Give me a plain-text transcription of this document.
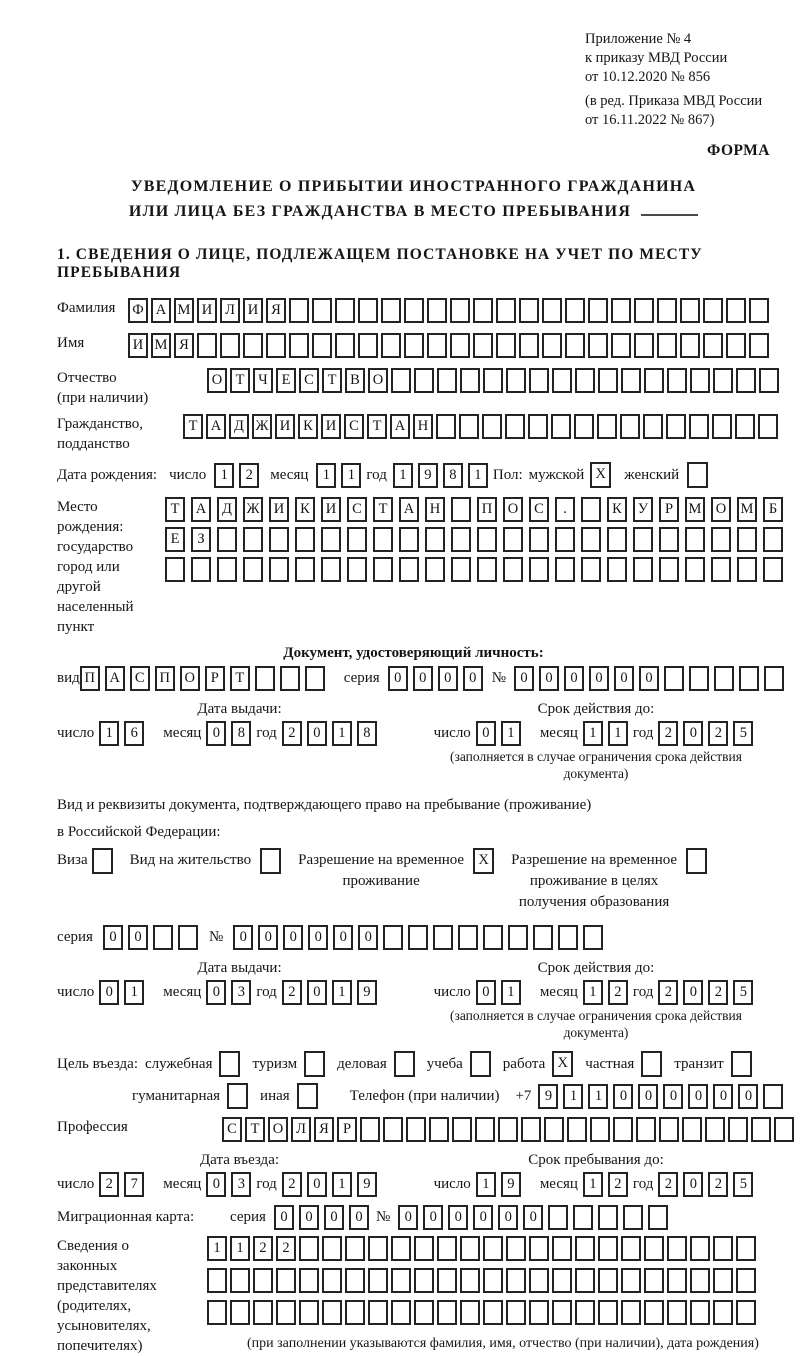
Приложение № 4
к приказу МВД России
от 10.12.2020 № 856
(в ред. Приказа МВД России
от 16.11.2022 № 867)
ФОРМА
УВЕДОМЛЕНИЕ О ПРИБЫТИИ ИНОСТРАННОГО ГРАЖДАНИНА
ИЛИ ЛИЦА БЕЗ ГРАЖДАНСТВА В МЕСТО ПРЕБЫВАНИЯ
1. СВЕДЕНИЯ О ЛИЦЕ, ПОДЛЕЖАЩЕМ ПОСТАНОВКЕ НА УЧЕТ ПО МЕСТУ ПРЕБЫВАНИЯ
Фамилия	Ф А М И Л И Я
Имя	И М Я
Отчество
(при наличии)
О Т Ч Е С Т В О
Гражданство,
подданство
Т А Д Ж И К И С Т А Н
Дата рождения: число 1	2	месяц 1	1 год 1	9	8	1 Пол: мужской X	женский
Место рождения:
государство
город или другой
населенный пункт
Т	А	Д	Ж И	К	И	С	Т	А	Н	П	О	С	.	К	У	Р	М О М	Б
Е	З
Документ, удостоверяющий личность:
вид П	А	С	П	О	Р	Т	серия 0	0	0	0	№ 0	0	0	0	0	0
Дата выдачи:
число 1	6	месяц 0	8 год 2	0	1	8
Срок действия до:
число 0	1	месяц 1	1 год 2	0	2	5
(заполняется в случае ограничения срока действия документа)
Вид и реквизиты документа, подтверждающего право на пребывание (проживание)
в Российской Федерации:
Виза	Вид на жительство	Разрешение на временное
проживание
X	Разрешение на временное
проживание в целях
получения образования
серия	0	0	№	0	0	0	0	0	0
Дата выдачи:
число 0	1	месяц 0	3 год 2	0	1	9
Срок действия до:
число 0	1	месяц 1	2 год 2	0	2	5
(заполняется в случае ограничения срока действия документа)
Цель въезда: служебная	туризм	деловая	учеба	работа X	частная	транзит
гуманитарная	иная	Телефон (при наличии) +7 9	1	1	0	0	0	0	0	0
Профессия	С Т О Л Я Р
Дата въезда:
число 2	7	месяц 0	3 год 2	0	1	9
Срок пребывания до:
число 1	9	месяц 1	2 год 2	0	2	5
Миграционная карта:	серия 0	0	0	0 № 0	0	0	0	0	0
Сведения о
законных
представителях
(родителях,
усыновителях,
попечителях)
1	1	2	2
(при заполнении указываются фамилия, имя, отчество (при наличии), дата рождения)
